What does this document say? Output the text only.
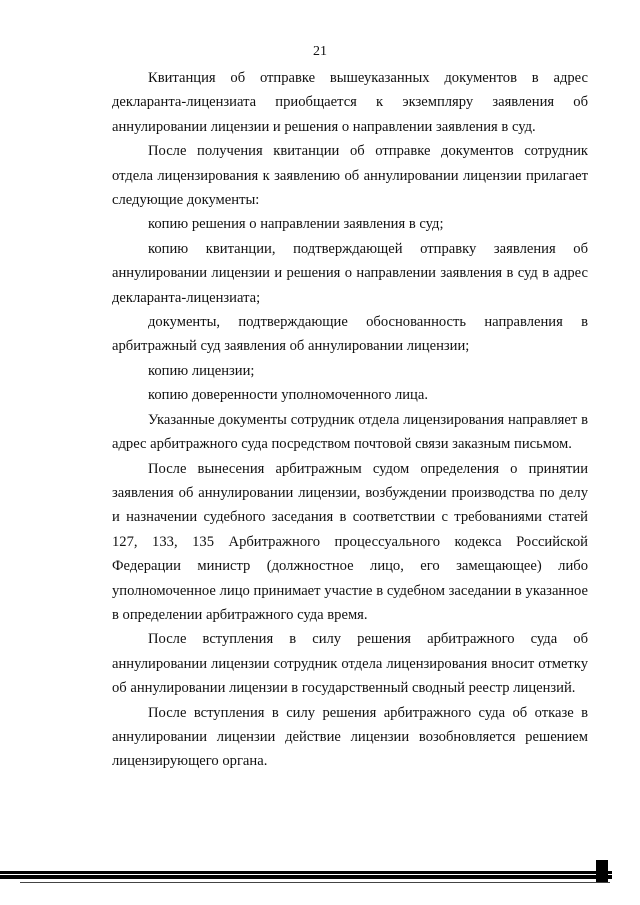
21

Квитанция об отправке вышеуказанных документов в адрес декларанта-лицензиата приобщается к экземпляру заявления об аннулировании лицензии и решения о направлении заявления в суд.

После получения квитанции об отправке документов сотрудник отдела лицензирования к заявлению об аннулировании лицензии прилагает следующие документы:

копию решения о направлении заявления в суд;

копию квитанции, подтверждающей отправку заявления об аннулировании лицензии и решения о направлении заявления в суд в адрес декларанта-лицензиата;

документы, подтверждающие обоснованность направления в арбитражный суд заявления об аннулировании лицензии;

копию лицензии;

копию доверенности уполномоченного лица.

Указанные документы сотрудник отдела лицензирования направляет в адрес арбитражного суда посредством почтовой связи заказным письмом.

После вынесения арбитражным судом определения о принятии заявления об аннулировании лицензии, возбуждении производства по делу и назначении судебного заседания в соответствии с требованиями статей 127, 133, 135 Арбитражного процессуального кодекса Российской Федерации министр (должностное лицо, его замещающее) либо уполномоченное лицо принимает участие в судебном заседании в указанное в определении арбитражного суда время.

После вступления в силу решения арбитражного суда об аннулировании лицензии сотрудник отдела лицензирования вносит отметку об аннулировании лицензии в государственный сводный реестр лицензий.

После вступления в силу решения арбитражного суда об отказе в аннулировании лицензии действие лицензии возобновляется решением лицензирующего органа.
